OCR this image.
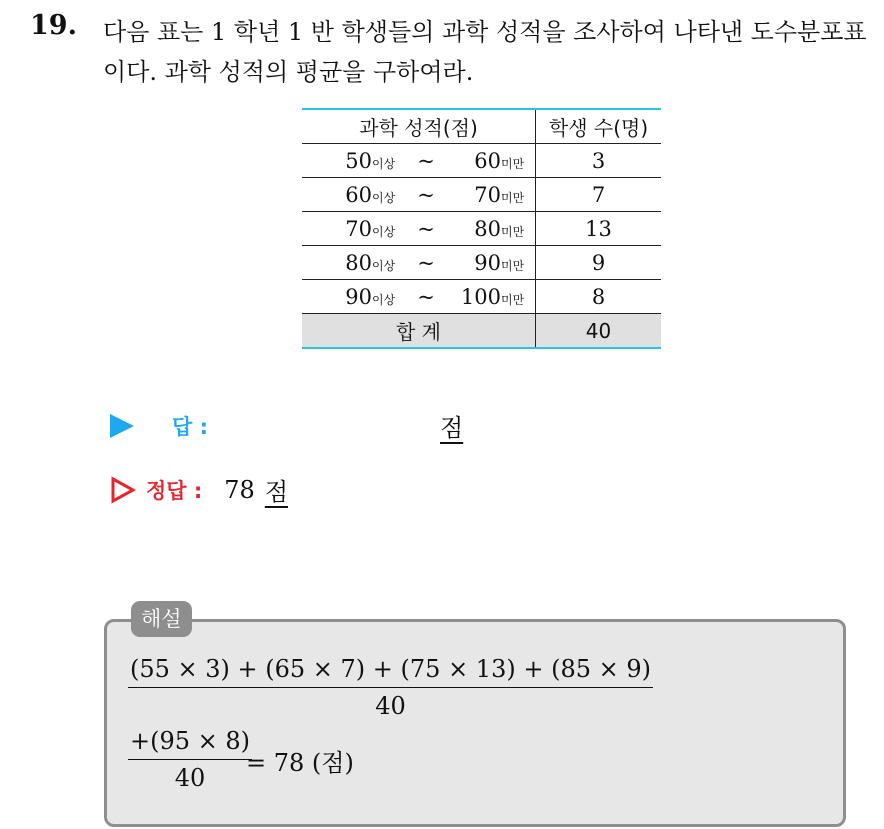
19. 다음 표는 1 학년 1 반 학생들의 과학 성적을 조사하여 나타낸 도수분포표이다. 과학 성적의 평균을 구하여라.
과학 성적(점)	학생 수(명)

50 이상 ~ 60 미만	3

60 이상 ~ 70 미만	7

70 이상 ~ 80 미만	13

80 이상 ~ 90 미만	9

90 이상 ~ 100 미만	8
합 계	40
답 :	점
정답 : 78 점
해설
$\frac{(55 \times 3) + (65 \times 7) + (75 \times 13) + (85 \times 9)}{40}$
$\frac{+(95 \times 8)}{40}$
= 78 (점)
